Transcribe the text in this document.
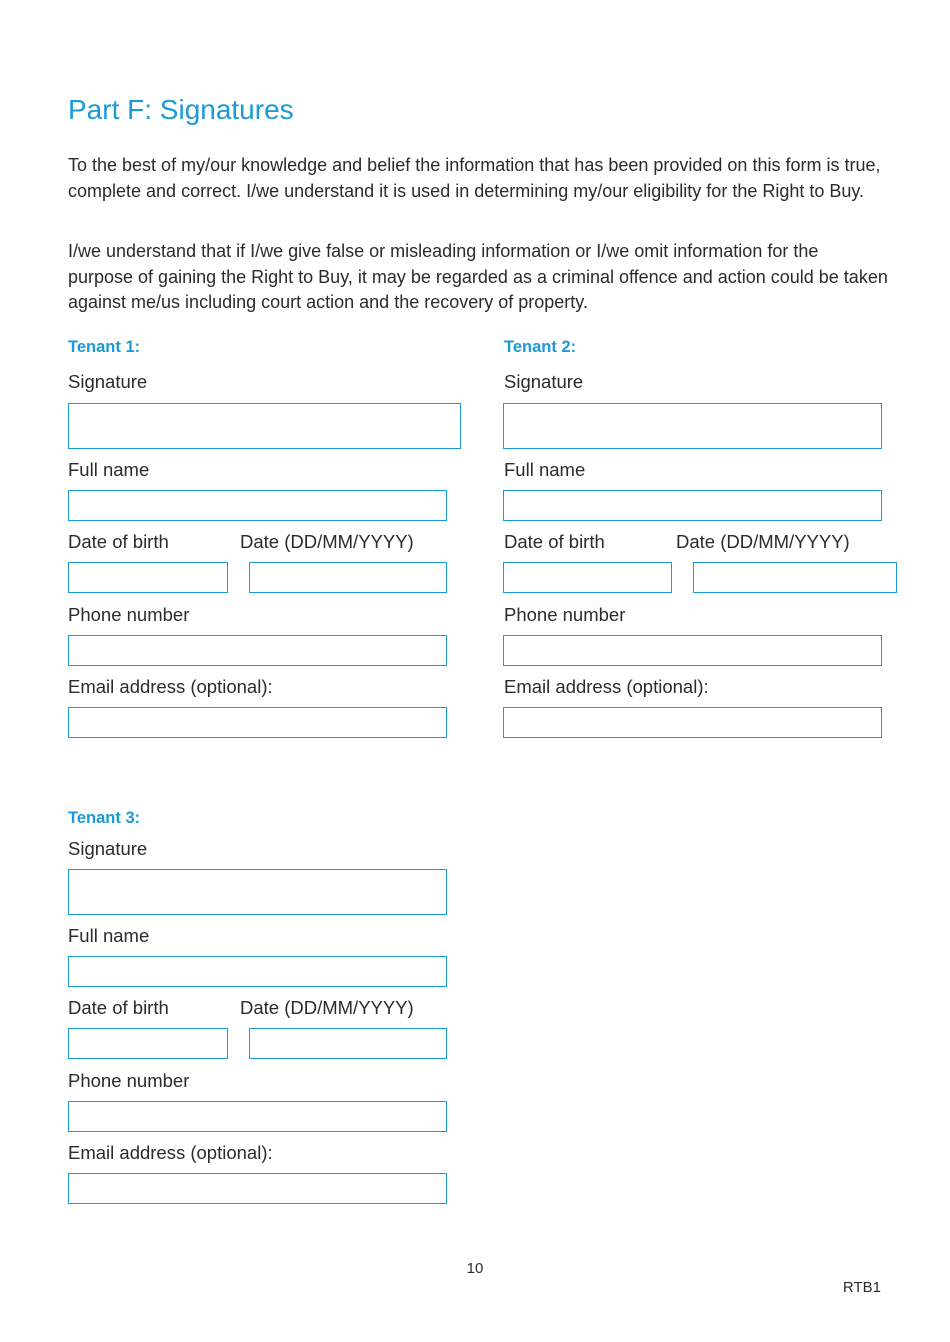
Part F: Signatures

To the best of my/our knowledge and belief the information that has been provided on this form is true, complete and correct. I/we understand it is used in determining my/our eligibility for the Right to Buy.

I/we understand that if I/we give false or misleading information or I/we omit information for the purpose of gaining the Right to Buy, it may be regarded as a criminal offence and action could be taken against me/us including court action and the recovery of property.

Tenant 1:
Signature
Full name
Date of birth	Date (DD/MM/YYYY)
Phone number
Email address (optional):
Tenant 2:
Signature
Full name
Date of birth	Date (DD/MM/YYYY)
Phone number
Email address (optional):
Tenant 3:
Signature
Full name
Date of birth	Date (DD/MM/YYYY)
Phone number
Email address (optional):
10
RTB1
